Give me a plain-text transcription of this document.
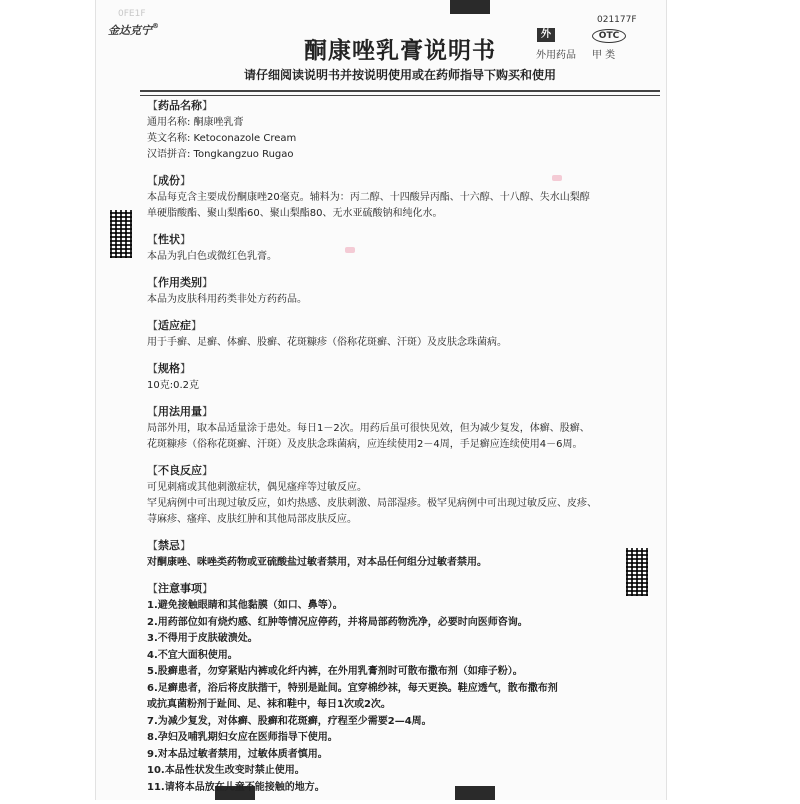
0FE1F
金达克宁®
021177F
外	OTC
外用药品 甲 类
酮康唑乳膏说明书
请仔细阅读说明书并按说明使用或在药师指导下购买和使用
【药品名称】
通用名称: 酮康唑乳膏
英文名称: Ketoconazole Cream
汉语拼音: Tongkangzuo Rugao
【成份】
本品每克含主要成份酮康唑20毫克。辅料为：丙二醇、十四酸异丙酯、十六醇、十八醇、失水山梨醇
单硬脂酸酯、聚山梨酯60、聚山梨酯80、无水亚硫酸钠和纯化水。
【性状】
本品为乳白色或微红色乳膏。
【作用类别】
本品为皮肤科用药类非处方药药品。
【适应症】
用于手癣、足癣、体癣、股癣、花斑糠疹（俗称花斑癣、汗斑）及皮肤念珠菌病。
【规格】
10克:0.2克
【用法用量】
局部外用，取本品适量涂于患处。每日1－2次。用药后虽可很快见效，但为减少复发，体癣、股癣、
花斑糠疹（俗称花斑癣、汗斑）及皮肤念珠菌病，应连续使用2－4周，手足癣应连续使用4－6周。
【不良反应】
可见刺痛或其他刺激症状，偶见瘙痒等过敏反应。
罕见病例中可出现过敏反应，如灼热感、皮肤刺激、局部湿疹。极罕见病例中可出现过敏反应、皮疹、
荨麻疹、瘙痒、皮肤红肿和其他局部皮肤反应。
【禁忌】
对酮康唑、咪唑类药物或亚硫酸盐过敏者禁用，对本品任何组分过敏者禁用。
【注意事项】
1.避免接触眼睛和其他黏膜（如口、鼻等）。
2.用药部位如有烧灼感、红肿等情况应停药，并将局部药物洗净，必要时向医师咨询。
3.不得用于皮肤破溃处。
4.不宜大面积使用。
5.股癣患者，勿穿紧贴内裤或化纤内裤，在外用乳膏剂时可散布撒布剂（如痱子粉）。
6.足癣患者，浴后将皮肤揩干，特别是趾间。宜穿棉纱袜，每天更换。鞋应透气，散布撒布剂
或抗真菌粉剂于趾间、足、袜和鞋中，每日1次或2次。
7.为减少复发，对体癣、股癣和花斑癣，疗程至少需要2—4周。
8.孕妇及哺乳期妇女应在医师指导下使用。
9.对本品过敏者禁用，过敏体质者慎用。
10.本品性状发生改变时禁止使用。
11.请将本品放在儿童不能接触的地方。
